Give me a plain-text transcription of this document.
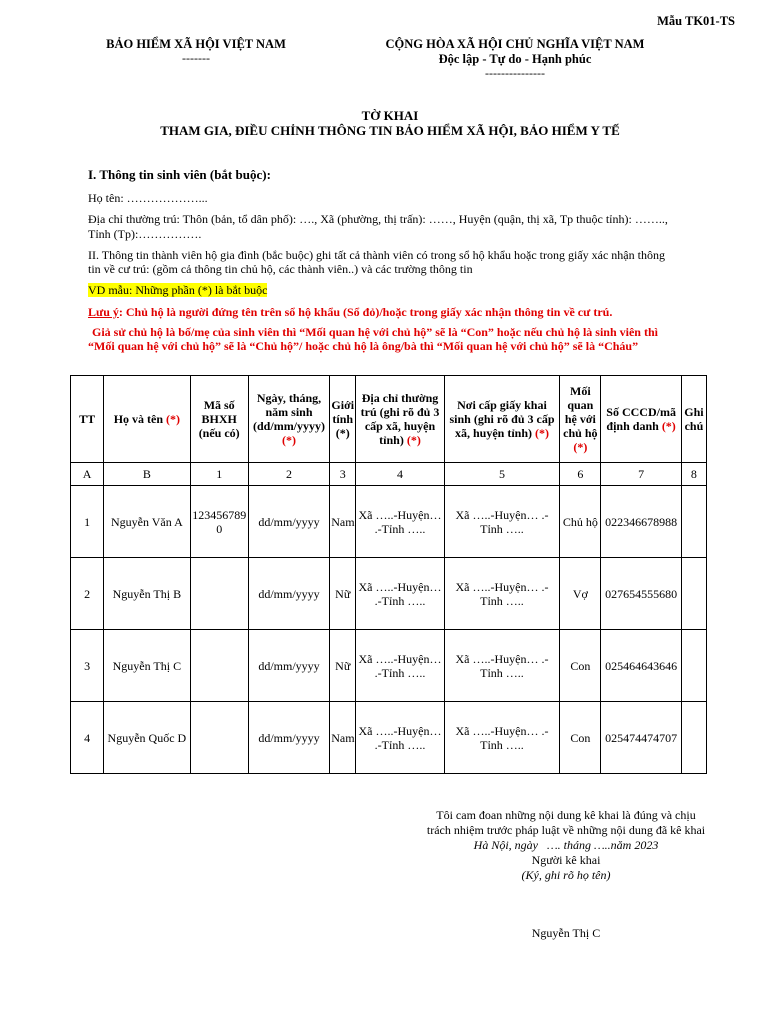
Mẫu TK01-TS
BẢO HIỂM XÃ HỘI VIỆT NAM
-------
CỘNG HÒA XÃ HỘI CHỦ NGHĨA VIỆT NAM
Độc lập - Tự do - Hạnh phúc
---------------
TỜ KHAI
THAM GIA, ĐIỀU CHỈNH THÔNG TIN BẢO HIỂM XÃ HỘI, BẢO HIỂM Y TẾ
I. Thông tin sinh viên (bắt buộc):
Họ tên: ………………...
Địa chỉ thường trú: Thôn (bản, tổ dân phố): …., Xã (phường, thị trấn): ……, Huyện (quận, thị xã, Tp thuộc tỉnh): ……..,
Tỉnh (Tp):…………….
II. Thông tin thành viên hộ gia đình (bắc buộc) ghi tất cả thành viên có trong sổ hộ khẩu hoặc trong giấy xác nhận thông
tin về cư trú: (gồm cả thông tin chủ hộ, các thành viên..) và các trường thông tin
VD mẫu: Những phần (*) là bắt buộc
Lưu ý: Chủ hộ là người đứng tên trên sổ hộ khẩu (Sổ đỏ)/hoặc trong giấy xác nhận thông tin về cư trú.
Giả sử chủ hộ là bố/mẹ của sinh viên thì “Mối quan hệ với chủ hộ” sẽ là “Con” hoặc nếu chủ hộ là sinh viên thì
“Mối quan hệ với chủ hộ” sẽ là “Chủ hộ”/ hoặc chủ hộ là ông/bà thì “Mối quan hệ với chủ hộ” sẽ là “Cháu”
TT	Họ và tên (*)	Mã số BHXH (nếu có)	Ngày, tháng, năm sinh (dd/mm/yyyy) (*)	Giới tính (*)	Địa chỉ thường trú (ghi rõ đủ 3 cấp xã, huyện tỉnh) (*)	Nơi cấp giấy khai sinh (ghi rõ đủ 3 cấp xã, huyện tỉnh) (*)	Mối quan hệ với chủ hộ (*)	Số CCCD/mã định danh (*)	Ghi chú
A	B	1	2	3	4	5	6	7	8
1	Nguyễn Văn A	1234567890	dd/mm/yyyy	Nam	Xã …..-Huyện… .-Tỉnh …..	Xã …..-Huyện… .-Tỉnh …..	Chủ hộ	022346678988	
2	Nguyễn Thị B		dd/mm/yyyy	Nữ	Xã …..-Huyện… .-Tỉnh …..	Xã …..-Huyện… .-Tỉnh …..	Vợ	027654555680	
3	Nguyễn Thị C		dd/mm/yyyy	Nữ	Xã …..-Huyện… .-Tỉnh …..	Xã …..-Huyện… .-Tỉnh …..	Con	025464643646	
4	Nguyễn Quốc D		dd/mm/yyyy	Nam	Xã …..-Huyện… .-Tỉnh …..	Xã …..-Huyện… .-Tỉnh …..	Con	025474474707	
Tôi cam đoan những nội dung kê khai là đúng và chịu
trách nhiệm trước pháp luật về những nội dung đã kê khai
Hà Nội, ngày   …. tháng …..năm 2023
Người kê khai
(Ký, ghi rõ họ tên)
Nguyễn Thị C
